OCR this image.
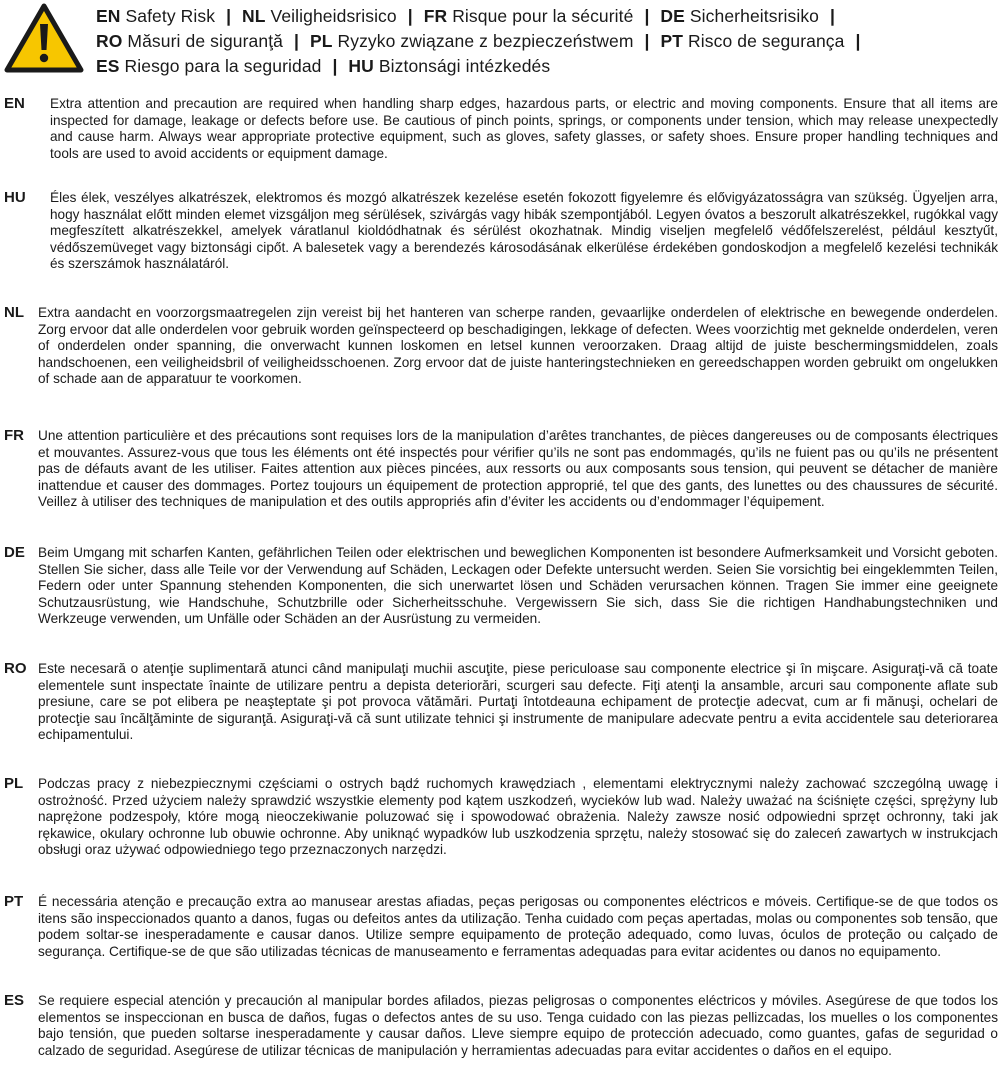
EN Safety Risk | NL Veiligheidsrisico | FR Risque pour la sécurité | DE Sicherheitsrisiko |
RO Măsuri de siguranţă | PL Ryzyko związane z bezpieczeństwem | PT Risco de segurança |
ES Riesgo para la seguridad | HU Biztonsági intézkedés
EN	Extra attention and precaution are required when handling sharp edges, hazardous parts, or electric and moving components. Ensure that all items are inspected for damage, leakage or defects before use. Be cautious of pinch points, springs, or components under tension, which may release unexpectedly and cause harm. Always wear appropriate protective equipment, such as gloves, safety glasses, or safety shoes. Ensure proper handling techniques and tools are used to avoid accidents or equipment damage.
HU	Éles élek, veszélyes alkatrészek, elektromos és mozgó alkatrészek kezelése esetén fokozott figyelemre és elővigyázatosságra van szükség. Ügyeljen arra, hogy használat előtt minden elemet vizsgáljon meg sérülések, szivárgás vagy hibák szempontjából. Legyen óvatos a beszorult alkatrészekkel, rugókkal vagy megfeszített alkatrészekkel, amelyek váratlanul kioldódhatnak és sérülést okozhatnak. Mindig viseljen megfelelő védőfelszerelést, például kesztyűt, védőszemüveget vagy biztonsági cipőt. A balesetek vagy a berendezés károsodásának elkerülése érdekében gondoskodjon a megfelelő kezelési technikák és szerszámok használatáról.
NL	Extra aandacht en voorzorgsmaatregelen zijn vereist bij het hanteren van scherpe randen, gevaarlijke onderdelen of elektrische en bewegende onderdelen. Zorg ervoor dat alle onderdelen voor gebruik worden geïnspecteerd op beschadigingen, lekkage of defecten. Wees voorzichtig met geknelde onderdelen, veren of onderdelen onder spanning, die onverwacht kunnen loskomen en letsel kunnen veroorzaken. Draag altijd de juiste beschermingsmiddelen, zoals handschoenen, een veiligheidsbril of veiligheidsschoenen. Zorg ervoor dat de juiste hanteringstechnieken en gereedschappen worden gebruikt om ongelukken of schade aan de apparatuur te voorkomen.
FR	Une attention particulière et des précautions sont requises lors de la manipulation d’arêtes tranchantes, de pièces dangereuses ou de composants électriques et mouvantes. Assurez-vous que tous les éléments ont été inspectés pour vérifier qu’ils ne sont pas endommagés, qu’ils ne fuient pas ou qu’ils ne présentent pas de défauts avant de les utiliser. Faites attention aux pièces pincées, aux ressorts ou aux composants sous tension, qui peuvent se détacher de manière inattendue et causer des dommages. Portez toujours un équipement de protection approprié, tel que des gants, des lunettes ou des chaussures de sécurité. Veillez à utiliser des techniques de manipulation et des outils appropriés afin d’éviter les accidents ou d’endommager l’équipement.
DE Beim Umgang mit scharfen Kanten, gefährlichen Teilen oder elektrischen und beweglichen Komponenten ist besondere Aufmerksamkeit und Vorsicht geboten. Stellen Sie sicher, dass alle Teile vor der Verwendung auf Schäden, Leckagen oder Defekte untersucht werden. Seien Sie vorsichtig bei eingeklemmten Teilen, Federn oder unter Spannung stehenden Komponenten, die sich unerwartet lösen und Schäden verursachen können. Tragen Sie immer eine geeignete Schutzausrüstung, wie Handschuhe, Schutzbrille oder Sicherheitsschuhe. Vergewissern Sie sich, dass Sie die richtigen Handhabungstechniken und Werkzeuge verwenden, um Unfälle oder Schäden an der Ausrüstung zu vermeiden.
RO Este necesară o atenţie suplimentară atunci când manipulaţi muchii ascuţite, piese periculoase sau componente electrice şi în mişcare. Asiguraţi-vă că toate elementele sunt inspectate înainte de utilizare pentru a depista deteriorări, scurgeri sau defecte. Fiţi atenţi la ansamble, arcuri sau componente aflate sub presiune, care se pot elibera pe neaşteptate şi pot provoca vătămări. Purtaţi întotdeauna echipament de protecţie adecvat, cum ar fi mănuşi, ochelari de protecţie sau încălţăminte de siguranţă. Asiguraţi-vă că sunt utilizate tehnici şi instrumente de manipulare adecvate pentru a evita accidentele sau deteriorarea echipamentului.
PL	Podczas pracy z niebezpiecznymi częściami o ostrych bądź ruchomych krawędziach , elementami elektrycznymi należy zachować szczególną uwagę i ostrożność. Przed użyciem należy sprawdzić wszystkie elementy pod kątem uszkodzeń, wycieków lub wad. Należy uważać na ściśnięte części, sprężyny lub naprężone podzespoły, które mogą nieoczekiwanie poluzować się i spowodować obrażenia. Należy zawsze nosić odpowiedni sprzęt ochronny, taki jak rękawice, okulary ochronne lub obuwie ochronne. Aby uniknąć wypadków lub uszkodzenia sprzętu, należy stosować się do zaleceń zawartych w instrukcjach obsługi oraz używać odpowiedniego tego przeznaczonych narzędzi.
PT	É necessária atenção e precaução extra ao manusear arestas afiadas, peças perigosas ou componentes eléctricos e móveis. Certifique-se de que todos os itens são inspeccionados quanto a danos, fugas ou defeitos antes da utilização. Tenha cuidado com peças apertadas, molas ou componentes sob tensão, que podem soltar-se inesperadamente e causar danos. Utilize sempre equipamento de proteção adequado, como luvas, óculos de proteção ou calçado de segurança. Certifique-se de que são utilizadas técnicas de manuseamento e ferramentas adequadas para evitar acidentes ou danos no equipamento.
ES	Se requiere especial atención y precaución al manipular bordes afilados, piezas peligrosas o componentes eléctricos y móviles. Asegúrese de que todos los elementos se inspeccionan en busca de daños, fugas o defectos antes de su uso. Tenga cuidado con las piezas pellizcadas, los muelles o los componentes bajo tensión, que pueden soltarse inesperadamente y causar daños. Lleve siempre equipo de protección adecuado, como guantes, gafas de seguridad o calzado de seguridad. Asegúrese de utilizar técnicas de manipulación y herramientas adecuadas para evitar accidentes o daños en el equipo.
